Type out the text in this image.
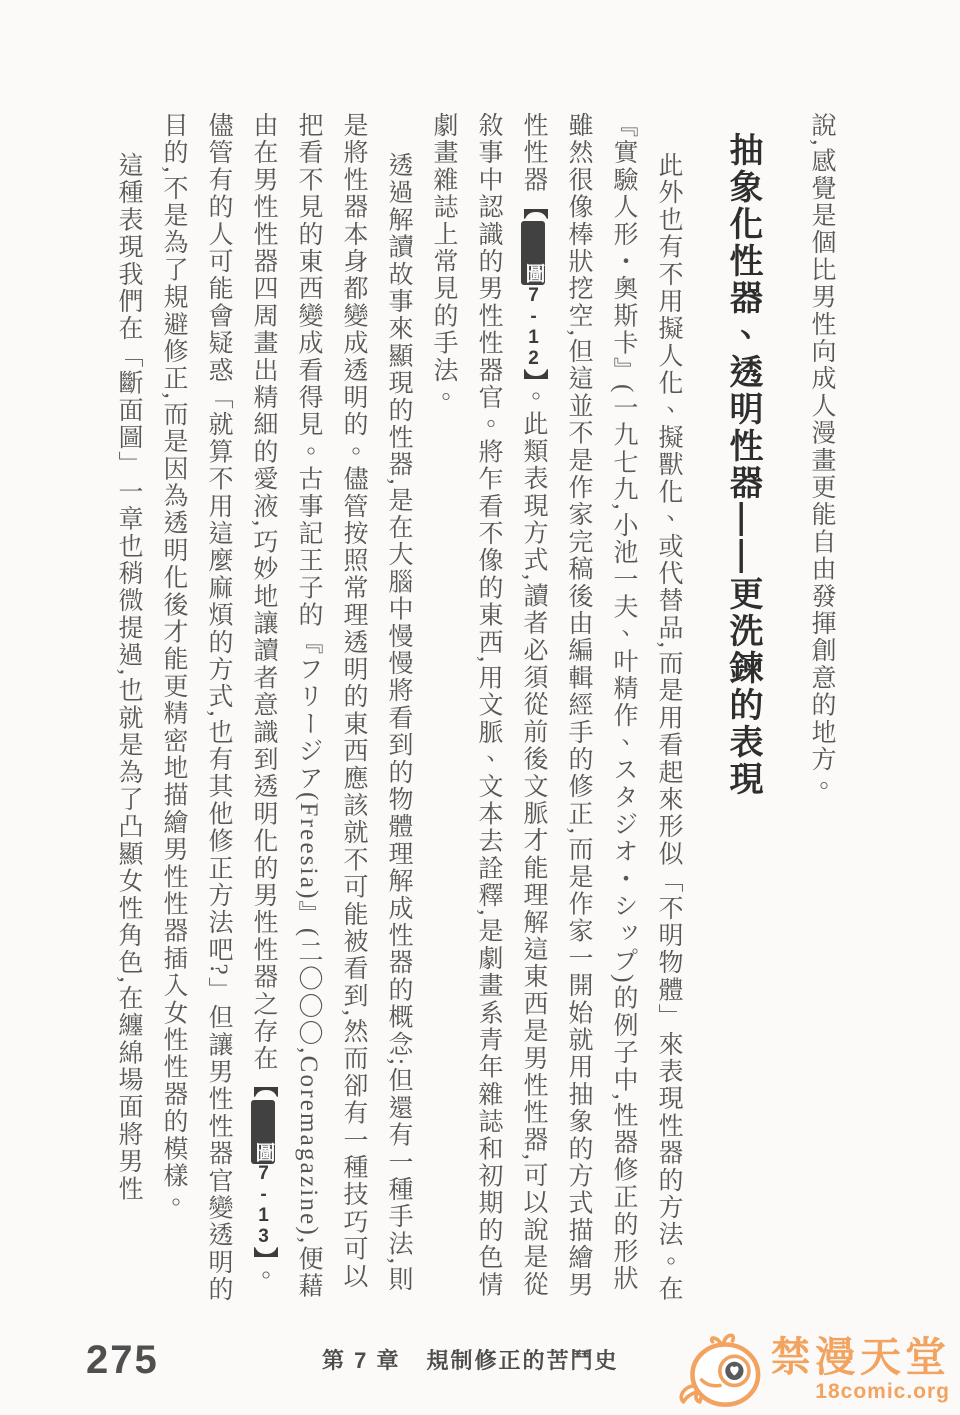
說,感覺是個比男性向成人漫畫更能自由發揮創意的地方。

抽象化性器、透明性器——更洗鍊的表現

此外也有不用擬人化、擬獸化、或代替品,而是用看起來形似「不明物體」來表現性器的方法。在『實驗人形・奧斯卡』(一九七九,小池一夫、叶精作、スタジオ・シップ)的例子中,性器修正的形狀雖然很像棒狀挖空,但這並不是作家完稿後由編輯經手的修正,而是作家一開始就用抽象的方式描繪男性性器【圖7-12】。此類表現方式,讀者必須從前後文脈才能理解這東西是男性性器,可以說是從敘事中認識的男性性器官。將乍看不像的東西,用文脈、文本去詮釋,是劇畫系青年雜誌和初期的色情劇畫雜誌上常見的手法。

透過解讀故事來顯現的性器,是在大腦中慢慢將看到的物體理解成性器的概念;但還有一種手法,則是將性器本身都變成透明的。儘管按照常理透明的東西應該就不可能被看到,然而卻有一種技巧可以把看不見的東西變成看得見。古事記王子的『フリージア(Freesia)』(二〇〇〇,Coremagazine),便藉由在男性性器四周畫出精細的愛液,巧妙地讓讀者意識到透明化的男性性器之存在【圖7-13】。儘管有的人可能會疑惑「就算不用這麼麻煩的方式,也有其他修正方法吧?」但讓男性性器官變透明的目的,不是為了規避修正,而是因為透明化後才能更精密地描繪男性性器插入女性性器的模樣。

這種表現我們在「斷面圖」一章也稍微提過,也就是為了凸顯女性角色,在纏綿場面將男性

275	第 7 章 規制修正的苦鬥史	禁漫天堂
18comic.org
